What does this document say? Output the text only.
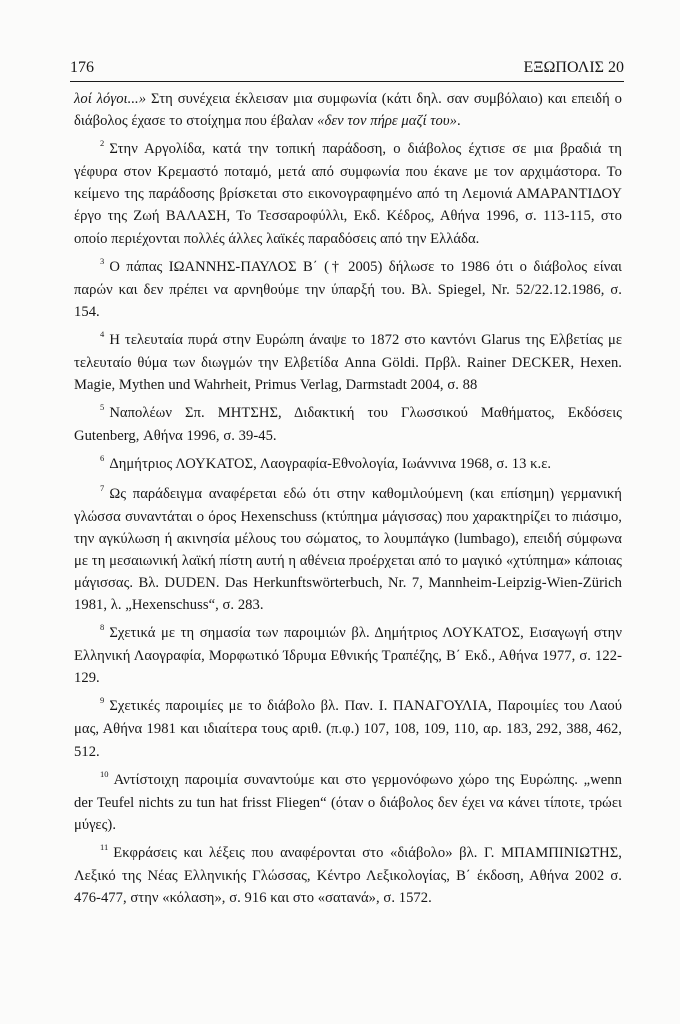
176	ΕΞΩΠΟΛΙΣ 20

λοί λόγοι...» Στη συνέχεια έκλεισαν μια συμφωνία (κάτι δηλ. σαν συμβόλαιο) και επειδή ο διάβολος έχασε το στοίχημα που έβαλαν «δεν τον πήρε μαζί του».

$^2$ Στην Αργολίδα, κατά την τοπική παράδοση, ο διάβολος έχτισε σε μια βραδιά τη γέφυρα στον Κρεμαστό ποταμό, μετά από συμφωνία που έκανε με τον αρχιμάστορα. Το κείμενο της παράδοσης βρίσκεται στο εικονογραφημένο από τη Λεμονιά ΑΜΑΡΑΝΤΙΔΟΥ έργο της Ζωή ΒΑΛΑΣΗ, Το Τεσσαροφύλλι, Εκδ. Κέδρος, Αθήνα 1996, σ. 113-115, στο οποίο περιέχονται πολλές άλλες λαϊκές παραδόσεις από την Ελλάδα.

$^3$ Ο πάπας ΙΩΑΝΝΗΣ-ΠΑΥΛΟΣ Β΄ († 2005) δήλωσε το 1986 ότι ο διάβολος είναι παρών και δεν πρέπει να αρνηθούμε την ύπαρξή του. Βλ. Spiegel, Nr. 52/22.12.1986, σ. 154.

$^4$ Η τελευταία πυρά στην Ευρώπη άναψε το 1872 στο καντόνι Glarus της Ελβετίας με τελευταίο θύμα των διωγμών την Ελβετίδα Anna Göldi. Πρβλ. Rainer DECKER, Hexen. Magie, Mythen und Wahrheit, Primus Verlag, Darmstadt 2004, σ. 88

$^5$ Ναπολέων Σπ. ΜΗΤΣΗΣ, Διδακτική του Γλωσσικού Μαθήματος, Εκδόσεις Gutenberg, Αθήνα 1996, σ. 39-45.

$^6$ Δημήτριος ΛΟΥΚΑΤΟΣ, Λαογραφία-Εθνολογία, Ιωάννινα 1968, σ. 13 κ.ε.

$^7$ Ως παράδειγμα αναφέρεται εδώ ότι στην καθομιλούμενη (και επίσημη) γερμανική γλώσσα συναντάται ο όρος Hexenschuss (κτύπημα μάγισσας) που χαρακτηρίζει το πιάσιμο, την αγκύλωση ή ακινησία μέλους του σώματος, το λουμπάγκο (lumbago), επειδή σύμφωνα με τη μεσαιωνική λαϊκή πίστη αυτή η αθένεια προέρχεται από το μαγικό «χτύπημα» κάποιας μάγισσας. Βλ. DUDEN. Das Herkunftswörterbuch, Nr. 7, Mannheim-Leipzig-Wien-Zürich 1981, λ. „Hexenschuss“, σ. 283.

$^8$ Σχετικά με τη σημασία των παροιμιών βλ. Δημήτριος ΛΟΥΚΑΤΟΣ, Εισαγωγή στην Ελληνική Λαογραφία, Μορφωτικό Ίδρυμα Εθνικής Τραπέζης, Β΄ Εκδ., Αθήνα 1977, σ. 122-129.

$^9$ Σχετικές παροιμίες με το διάβολο βλ. Παν. Ι. ΠΑΝΑΓΟΥΛΙΑ, Παροιμίες του Λαού μας, Αθήνα 1981 και ιδιαίτερα τους αριθ. (π.φ.) 107, 108, 109, 110, αρ. 183, 292, 388, 462, 512.

$^{10}$ Αντίστοιχη παροιμία συναντούμε και στο γερμονόφωνο χώρο της Ευρώπης. „wenn der Teufel nichts zu tun hat frisst Fliegen“ (όταν ο διάβολος δεν έχει να κάνει τίποτε, τρώει μύγες).

$^{11}$ Εκφράσεις και λέξεις που αναφέρονται στο «διάβολο» βλ. Γ. ΜΠΑΜΠΙΝΙΩΤΗΣ, Λεξικό της Νέας Ελληνικής Γλώσσας, Κέντρο Λεξικολογίας, Β΄ έκδοση, Αθήνα 2002 σ. 476-477, στην «κόλαση», σ. 916 και στο «σατανά», σ. 1572.
